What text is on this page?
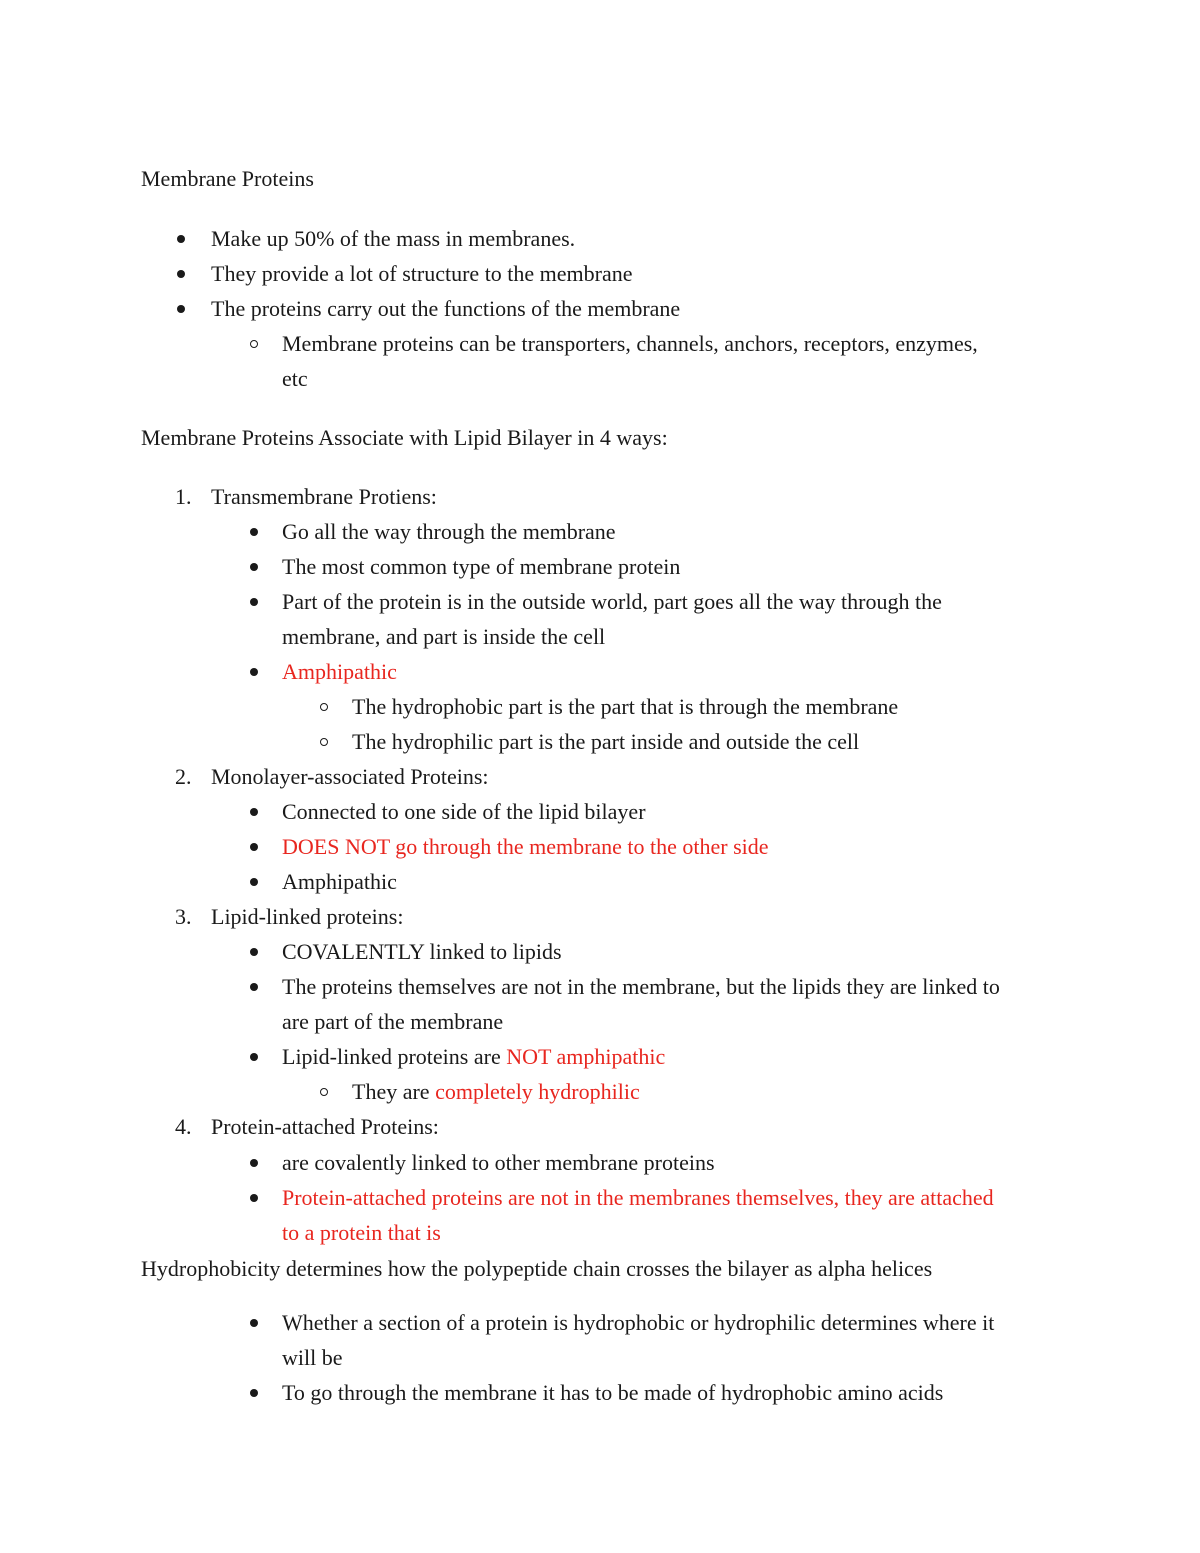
Membrane Proteins
Make up 50% of the mass in membranes.
They provide a lot of structure to the membrane
The proteins carry out the functions of the membrane
Membrane proteins can be transporters, channels, anchors, receptors, enzymes,
etc
Membrane Proteins Associate with Lipid Bilayer in 4 ways:
1. Transmembrane Protiens:
Go all the way through the membrane
The most common type of membrane protein
Part of the protein is in the outside world, part goes all the way through the
membrane, and part is inside the cell
Amphipathic
The hydrophobic part is the part that is through the membrane
The hydrophilic part is the part inside and outside the cell
2. Monolayer-associated Proteins:
Connected to one side of the lipid bilayer
DOES NOT go through the membrane to the other side
Amphipathic
3. Lipid-linked proteins:
COVALENTLY linked to lipids
The proteins themselves are not in the membrane, but the lipids they are linked to
are part of the membrane
Lipid-linked proteins are NOT amphipathic
They are completely hydrophilic
4. Protein-attached Proteins:
are covalently linked to other membrane proteins
Protein-attached proteins are not in the membranes themselves, they are attached
to a protein that is
Hydrophobicity determines how the polypeptide chain crosses the bilayer as alpha helices
Whether a section of a protein is hydrophobic or hydrophilic determines where it
will be
To go through the membrane it has to be made of hydrophobic amino acids
